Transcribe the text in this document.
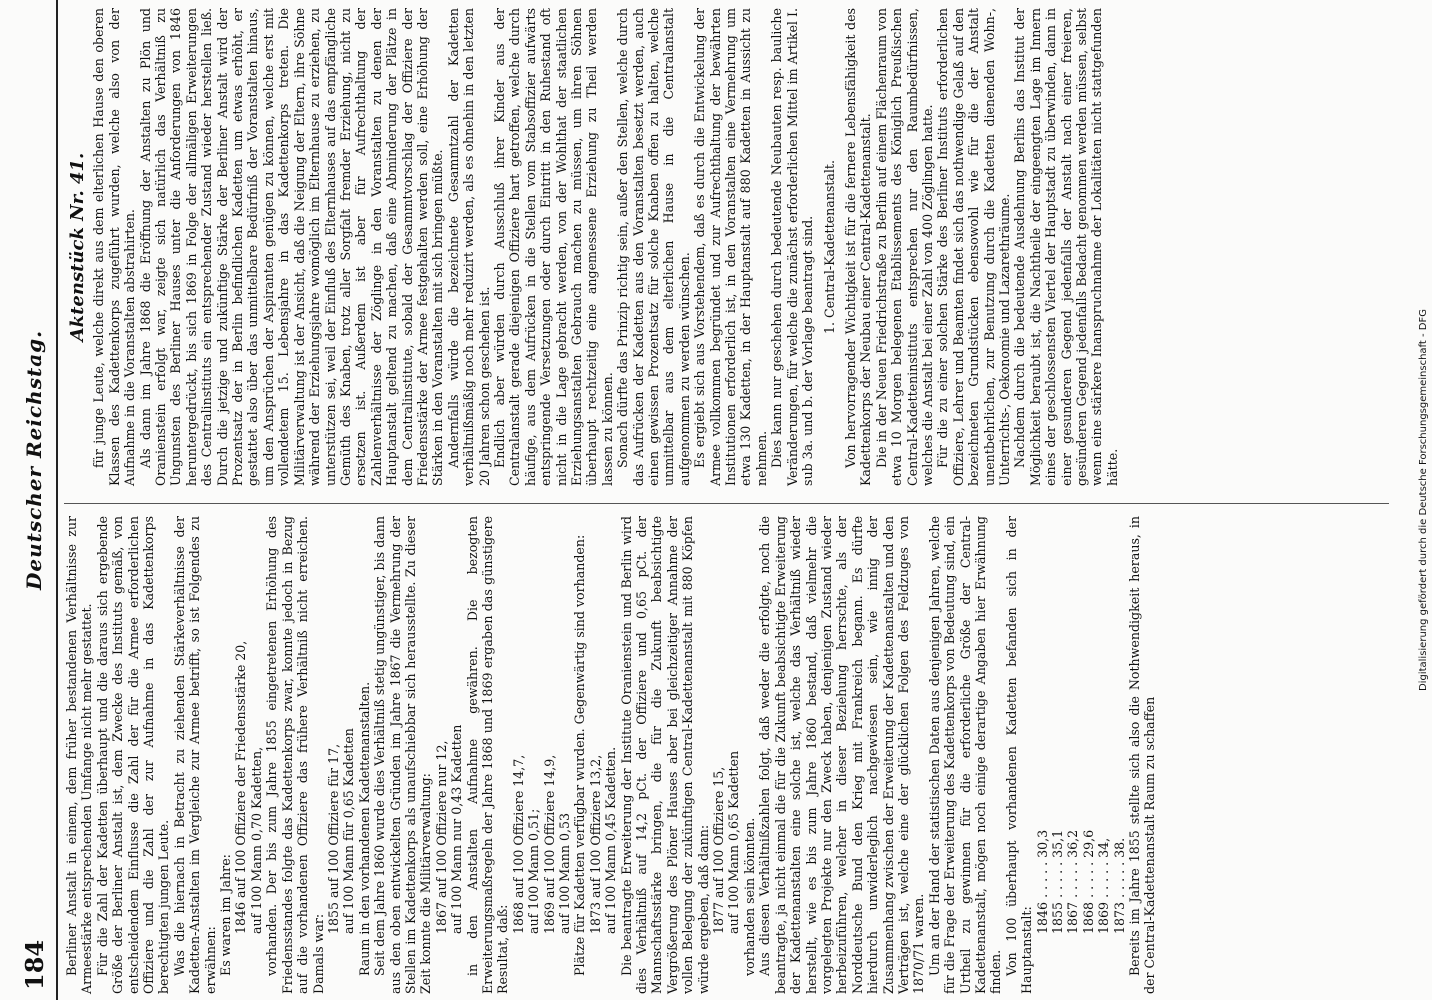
184
Deutscher Reichstag.

Berliner Anstalt in einem, dem früher bestandenen Verhältnisse zur Armeestärke entsprechenden Umfange nicht mehr gestattet. Für die Zahl der Kadetten überhaupt und die daraus sich ergebende Größe der Berliner Anstalt ist, dem Zwecke des Instituts gemäß, von entscheidendem Einflusse die Zahl der für die Armee erforderlichen Offiziere und die Zahl der zur Aufnahme in das Kadettenkorps berechtigten jungen Leute. Was die hiernach in Betracht zu ziehenden Stärkeverhältnisse der Kadetten-Anstalten im Vergleiche zur Armee betrifft, so ist Folgendes zu erwähnen: Es waren im Jahre: 1846 auf 100 Offiziere der Friedensstärke 20, auf 100 Mann 0,70 Kadetten, vorhanden. Der bis zum Jahre 1855 eingetretenen Erhöhung des Friedensstandes folgte das Kadettenkorps zwar, konnte jedoch in Bezug auf die vorhandenen Offiziere das frühere Verhältniß nicht erreichen. Damals war:

1855 auf 100 Offiziere für 17, auf 100 Mann für 0,65 Kadetten Raum in den vorhandenen Kadettenanstalten. Seit dem Jahre 1860 wurde dies Verhältniß stetig ungünstiger, bis dann aus den oben entwickelten Gründen im Jahre 1867 die Vermehrung der Stellen im Kadettenkorps als unaufschiebbar sich herausstellte. Zu dieser Zeit konnte die Militärverwaltung: 1867 auf 100 Offiziere nur 12, auf 100 Mann nur 0,43 Kadetten in den Anstalten Aufnahme gewähren. Die bezogten Erweiterungsmaßregeln der Jahre 1868 und 1869 ergaben das günstigere Resultat, daß:

1868 auf 100 Offiziere 14,7, auf 100 Mann 0,51; 1869 auf 100 Offiziere 14,9, auf 100 Mann 0,53 Plätze für Kadetten verfügbar wurden. Gegenwärtig sind vorhanden: 1873 auf 100 Offiziere 13,2, auf 100 Mann 0,45 Kadetten. Die beantragte Erweiterung der Institute Oranienstein und Berlin wird dies Verhältniß auf 14,2 pCt. der Offiziere und 0,65 pCt. der Mannschaftsstärke bringen, die für die Zukunft beabsichtigte Vergrößerung des Plöner Hauses aber bei gleichzeitiger Annahme der vollen Belegung der zukünftigen Central-Kadettenanstalt mit 880 Köpfen würde ergeben, daß dann: 1877 auf 100 Offiziere 15, auf 100 Mann 0,65 Kadetten vorhanden sein könnten. Aus diesen Verhältnißzahlen folgt, daß weder die erfolgte, noch die beantragte, ja nicht einmal die für die Zukunft beabsichtigte Erweiterung der Kadettenanstalten eine solche ist, welche das Verhältniß wieder herstellt, wie es bis zum Jahre 1860 bestand, daß vielmehr die vorgelegten Projekte nur den Zweck haben, denjenigen Zustand wieder herbeizuführen, welcher in dieser Beziehung herrschte, als der Norddeutsche Bund den Krieg mit Frankreich begann. Es dürfte hierdurch unwiderleglich nachgewiesen sein, wie innig der Zusammenhang zwischen der Erweiterung der Kadettenanstalten und den Verträgen ist, welche eine der glücklichen Folgen des Feldzuges von 1870/71 waren. Um an der Hand der statistischen Daten aus denjenigen Jahren, welche für die Frage der Erweiterung des Kadettenkorps von Bedeutung sind, ein Urtheil zu gewinnen für die erforderliche Größe der Central-Kadettenanstalt, mögen noch einige derartige Angaben hier Erwähnung finden. Von 100 überhaupt vorhandenen Kadetten befanden sich in der Hauptanstalt: 1846 . . . . . 30,3
1855 . . . . . 35,1
1867 . . . . . 36,2
1868 . . . . . 29,6
1869 . . . . . 34,
1873 . . . . . 38. Bereits im Jahre 1855 stellte sich also die Nothwendigkeit heraus, in der Central-Kadettenanstalt Raum zu schaffen

Aktenstück Nr. 41. für junge Leute, welche direkt aus dem elterlichen Hause den oberen Klassen des Kadettenkorps zugeführt wurden, welche also von der Aufnahme in die Voranstalten abstrahirten. Als dann im Jahre 1868 die Eröffnung der Anstalten zu Plön und Oranienstein erfolgt war, zeigte sich natürlich das Verhältniß zu Ungunsten des Berliner Hauses unter die Anforderungen von 1846 heruntergedrückt, bis sich 1869 in Folge der allmäligen Erweiterungen des Centralinstituts ein entsprechender Zustand wieder herstellen ließ. Durch die jetzige und zukünftige Stärke der Berliner Anstalt wird der Prozentsatz der in Berlin befindlichen Kadetten um etwas erhöht, er gestattet also über das unmittelbare Bedürfniß der Voranstalten hinaus, um den Ansprüchen der Aspiranten genügen zu können, welche erst mit vollendetem 15. Lebensjahre in das Kadettenkorps treten. Die Militärverwaltung ist der Ansicht, daß die Neigung der Eltern, ihre Söhne während der Erziehungsjahre womöglich im Elternhause zu erziehen, zu unterstützen sei, weil der Einfluß des Elternhauses auf das empfängliche Gemüth des Knaben, trotz aller Sorgfalt fremder Erziehung, nicht zu ersetzen ist. Außerdem ist aber für Aufrechthaltung der Zahlenverhältnisse der Zöglinge in den Voranstalten zu denen der Hauptanstalt geltend zu machen, daß eine Abminderung der Plätze in dem Centralinstitute, sobald der Gesammtvorschlag der Offiziere der Friedensstärke der Armee festgehalten werden soll, eine Erhöhung der Stärken in den Voranstalten mit sich bringen müßte. Andernfalls würde die bezeichnete Gesammtzahl der Kadetten verhältnißmäßig noch mehr reduzirt werden, als es ohnehin in den letzten 20 Jahren schon geschehen ist. Endlich aber würden durch Ausschluß ihrer Kinder aus der Centralanstalt gerade diejenigen Offiziere hart getroffen, welche durch häufige, aus dem Aufrücken in die Stellen vom Stabsoffizier aufwärts entspringende Versetzungen oder durch Eintritt in den Ruhestand oft nicht in die Lage gebracht werden, von der Wohlthat der staatlichen Erziehungsanstalten Gebrauch machen zu müssen, um ihren Söhnen überhaupt rechtzeitig eine angemessene Erziehung zu Theil werden lassen zu können. Sonach dürfte das Prinzip richtig sein, außer den Stellen, welche durch das Aufrücken der Kadetten aus den Voranstalten besetzt werden, auch einen gewissen Prozentsatz für solche Knaben offen zu halten, welche unmittelbar aus dem elterlichen Hause in die Centralanstalt aufgenommen zu werden wünschen. Es ergiebt sich aus Vorstehendem, daß es durch die Entwickelung der Armee vollkommen begründet und zur Aufrechthaltung der bewährten Institutionen erforderlich ist, in den Voranstalten eine Vermehrung um etwa 130 Kadetten, in der Hauptanstalt auf 880 Kadetten in Aussicht zu nehmen. Dies kann nur geschehen durch bedeutende Neubauten resp. bauliche Veränderungen, für welche die zunächst erforderlichen Mittel im Artikel I. sub 3a. und b. der Vorlage beantragt sind. 1. Central-Kadettenanstalt. Von hervorragender Wichtigkeit ist für die fernere Lebensfähigkeit des Kadettenkorps der Neubau einer Central-Kadettenanstalt. Die in der Neuen Friedrichstraße zu Berlin auf einem Flächenraum von etwa 10 Morgen belegenen Etablissements des Königlich Preußischen Central-Kadetteninstituts entsprechen nur den Raumbedürfnissen, welches die Anstalt bei einer Zahl von 400 Zöglingen hatte. Für die zu einer solchen Stärke des Berliner Instituts erforderlichen Offiziere, Lehrer und Beamten findet sich das nothwendige Gelaß auf den bezeichneten Grundstücken ebensowohl wie für die der Anstalt unentbehrlichen, zur Benutzung durch die Kadetten dienenden Wohn-, Unterrichts-, Oekonomie und Lazarethräume. Nachdem durch die bedeutende Ausdehnung Berlins das Institut der Möglichkeit beraubt ist, die Nachtheile der eingeengten Lage im Innern eines der geschlossensten Viertel der Hauptstadt zu überwinden, dann in einer gesunderen Gegend jedenfalls der Anstalt nach einer freieren, gesünderen Gegend jedenfalls Bedacht genommen werden müssen, selbst wenn eine stärkere Inanspruchnahme der Lokalitäten nicht stattgefunden hätte.	Digitalisierung gefördert durch die Deutsche Forschungsgemeinschaft - DFG
